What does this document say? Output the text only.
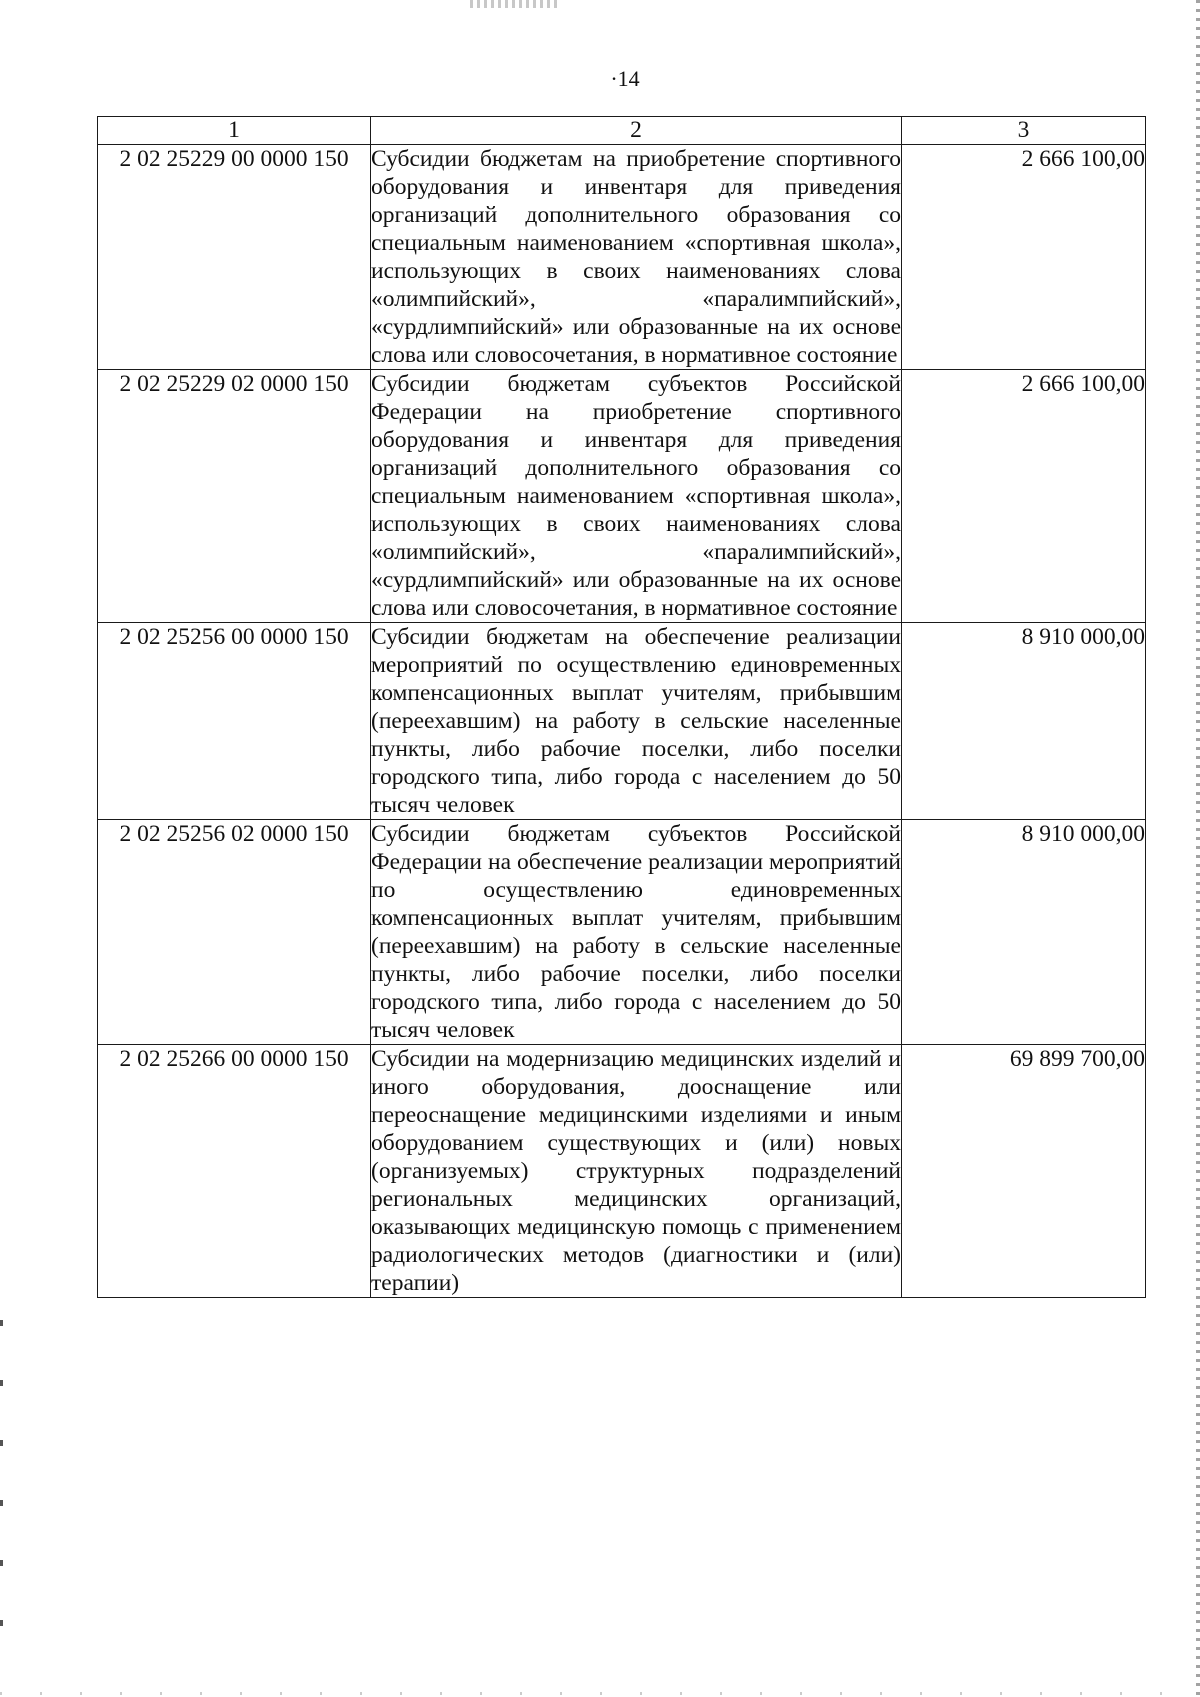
·14
1	2	3
2 02 25229 00 0000 150	Субсидии бюджетам на приобретение спортивного оборудования и инвентаря для приведения организаций дополнительного образования со специальным наименованием «спортивная школа», использующих в своих наименованиях слова «олимпийский», «паралимпийский», «сурдлимпийский» или образованные на их основе слова или словосочетания, в нормативное состояние	2 666 100,00
2 02 25229 02 0000 150	Субсидии бюджетам субъектов Российской Федерации на приобретение спортивного оборудования и инвентаря для приведения организаций дополнительного образования со специальным наименованием «спортивная школа», использующих в своих наименованиях слова «олимпийский», «паралимпийский», «сурдлимпийский» или образованные на их основе слова или словосочетания, в нормативное состояние	2 666 100,00
2 02 25256 00 0000 150	Субсидии бюджетам на обеспечение реализации мероприятий по осуществлению единовременных компенсационных выплат учителям, прибывшим (переехавшим) на работу в сельские населенные пункты, либо рабочие поселки, либо поселки городского типа, либо города с населением до 50 тысяч человек	8 910 000,00
2 02 25256 02 0000 150	Субсидии бюджетам субъектов Российской Федерации на обеспечение реализации мероприятий по осуществлению единовременных компенсационных выплат учителям, прибывшим (переехавшим) на работу в сельские населенные пункты, либо рабочие поселки, либо поселки городского типа, либо города с населением до 50 тысяч человек	8 910 000,00
2 02 25266 00 0000 150	Субсидии на модернизацию медицинских изделий и иного оборудования, дооснащение или переоснащение медицинскими изделиями и иным оборудованием существующих и (или) новых (организуемых) структурных подразделений региональных медицинских организаций, оказывающих медицинскую помощь с применением радиологических методов (диагностики и (или) терапии)	69 899 700,00
